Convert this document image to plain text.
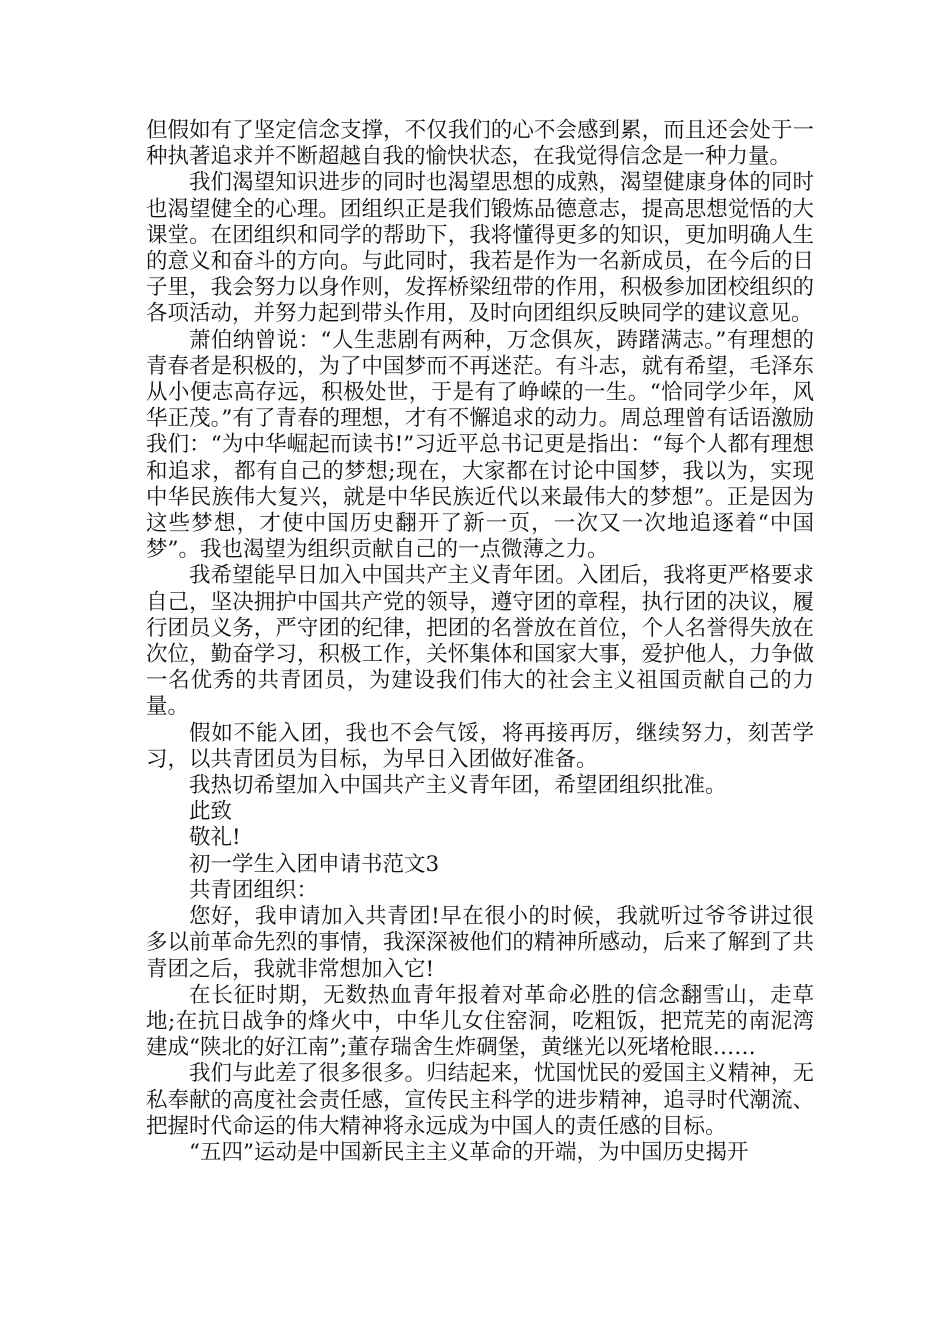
但假如有了坚定信念支撑，不仅我们的心不会感到累，而且还会处于一种执著追求并不断超越自我的愉快状态，在我觉得信念是一种力量。

我们渴望知识进步的同时也渴望思想的成熟，渴望健康身体的同时也渴望健全的心理。团组织正是我们锻炼品德意志，提高思想觉悟的大课堂。在团组织和同学的帮助下，我将懂得更多的知识，更加明确人生的意义和奋斗的方向。与此同时，我若是作为一名新成员，在今后的日子里，我会努力以身作则，发挥桥梁纽带的作用，积极参加团校组织的各项活动，并努力起到带头作用，及时向团组织反映同学的建议意见。

萧伯纳曾说：“人生悲剧有两种，万念俱灰，踌躇满志。”有理想的青春者是积极的，为了中国梦而不再迷茫。有斗志，就有希望，毛泽东从小便志高存远，积极处世，于是有了峥嵘的一生。“恰同学少年，风华正茂。”有了青春的理想，才有不懈追求的动力。周总理曾有话语激励我们：“为中华崛起而读书!”习近平总书记更是指出：“每个人都有理想和追求，都有自己的梦想;现在，大家都在讨论中国梦，我以为，实现中华民族伟大复兴，就是中华民族近代以来最伟大的梦想”。正是因为这些梦想，才使中国历史翻开了新一页，一次又一次地追逐着“中国梦”。我也渴望为组织贡献自己的一点微薄之力。

我希望能早日加入中国共产主义青年团。入团后，我将更严格要求自己，坚决拥护中国共产党的领导，遵守团的章程，执行团的决议，履行团员义务，严守团的纪律，把团的名誉放在首位，个人名誉得失放在次位，勤奋学习，积极工作，关怀集体和国家大事，爱护他人，力争做一名优秀的共青团员，为建设我们伟大的社会主义祖国贡献自己的力量。

假如不能入团，我也不会气馁，将再接再厉，继续努力，刻苦学习，以共青团员为目标，为早日入团做好准备。

我热切希望加入中国共产主义青年团，希望团组织批准。

此致

敬礼!

初一学生入团申请书范文3

共青团组织：

您好，我申请加入共青团!早在很小的时候，我就听过爷爷讲过很多以前革命先烈的事情，我深深被他们的精神所感动，后来了解到了共青团之后，我就非常想加入它!

在长征时期，无数热血青年报着对革命必胜的信念翻雪山，走草地;在抗日战争的烽火中，中华儿女住窑洞，吃粗饭，把荒芜的南泥湾建成“陕北的好江南”;董存瑞舍生炸碉堡，黄继光以死堵枪眼……

我们与此差了很多很多。归结起来，忧国忧民的爱国主义精神，无私奉献的高度社会责任感，宣传民主科学的进步精神，追寻时代潮流、把握时代命运的伟大精神将永远成为中国人的责任感的目标。

“五四”运动是中国新民主主义革命的开端，为中国历史揭开
